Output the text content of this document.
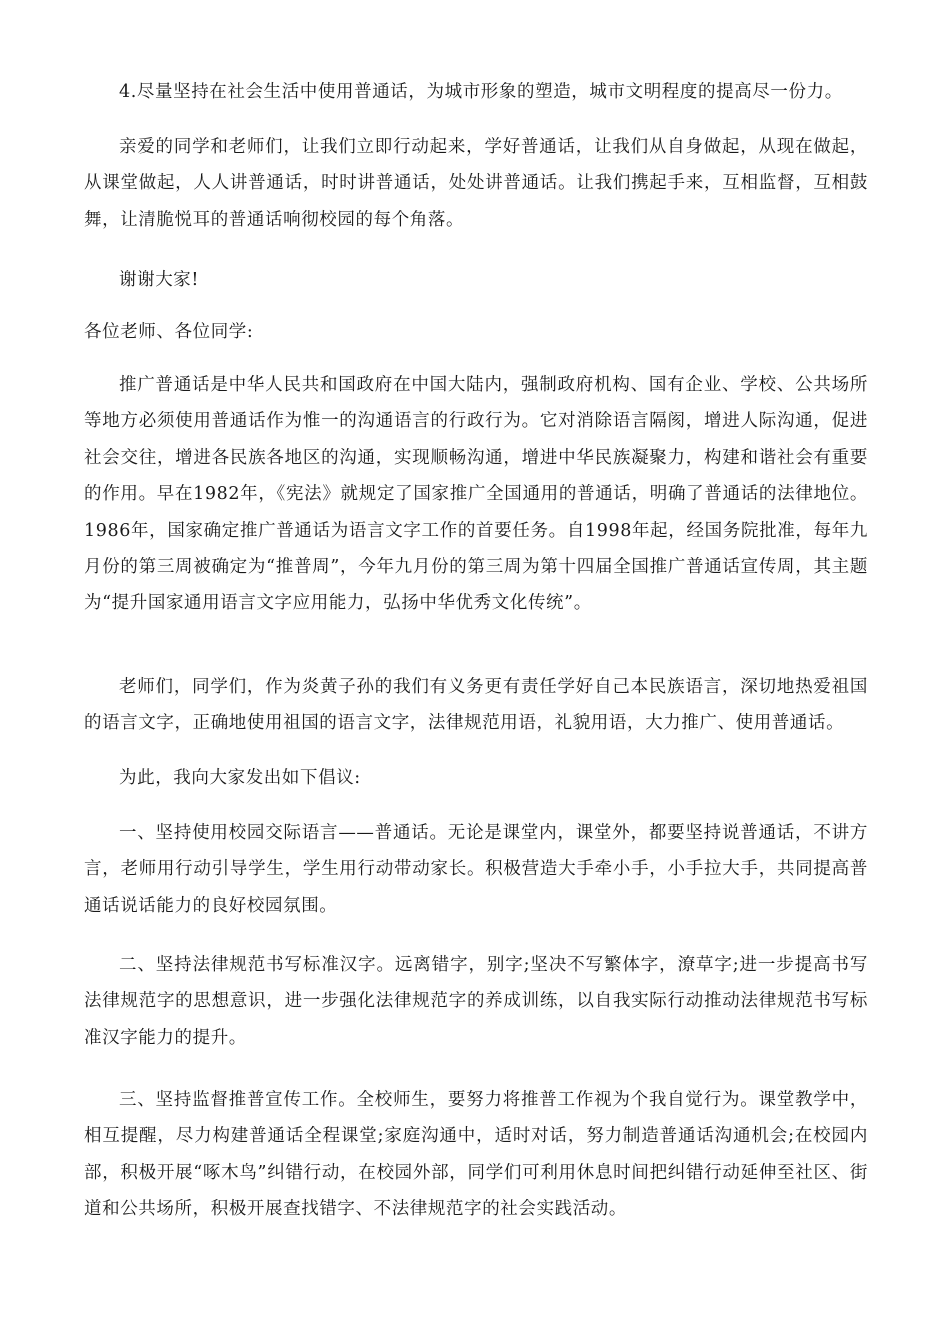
4.尽量坚持在社会生活中使用普通话，为城市形象的塑造，城市文明程度的提高尽一份力。

亲爱的同学和老师们，让我们立即行动起来，学好普通话，让我们从自身做起，从现在做起，从课堂做起，人人讲普通话，时时讲普通话，处处讲普通话。让我们携起手来，互相监督，互相鼓舞，让清脆悦耳的普通话响彻校园的每个角落。

谢谢大家!

各位老师、各位同学:

推广普通话是中华人民共和国政府在中国大陆内，强制政府机构、国有企业、学校、公共场所等地方必须使用普通话作为惟一的沟通语言的行政行为。它对消除语言隔阂，增进人际沟通，促进社会交往，增进各民族各地区的沟通，实现顺畅沟通，增进中华民族凝聚力，构建和谐社会有重要的作用。早在1982年，《宪法》就规定了国家推广全国通用的普通话，明确了普通话的法律地位。1986年，国家确定推广普通话为语言文字工作的首要任务。自1998年起，经国务院批准，每年九月份的第三周被确定为“推普周”，今年九月份的第三周为第十四届全国推广普通话宣传周，其主题为“提升国家通用语言文字应用能力，弘扬中华优秀文化传统”。

老师们，同学们，作为炎黄子孙的我们有义务更有责任学好自己本民族语言，深切地热爱祖国的语言文字，正确地使用祖国的语言文字，法律规范用语，礼貌用语，大力推广、使用普通话。

为此，我向大家发出如下倡议:

一、坚持使用校园交际语言——普通话。无论是课堂内，课堂外，都要坚持说普通话，不讲方言，老师用行动引导学生，学生用行动带动家长。积极营造大手牵小手，小手拉大手，共同提高普通话说话能力的良好校园氛围。

二、坚持法律规范书写标准汉字。远离错字，别字;坚决不写繁体字，潦草字;进一步提高书写法律规范字的思想意识，进一步强化法律规范字的养成训练，以自我实际行动推动法律规范书写标准汉字能力的提升。

三、坚持监督推普宣传工作。全校师生，要努力将推普工作视为个我自觉行为。课堂教学中，相互提醒，尽力构建普通话全程课堂;家庭沟通中，适时对话，努力制造普通话沟通机会;在校园内部，积极开展“啄木鸟”纠错行动，在校园外部，同学们可利用休息时间把纠错行动延伸至社区、街道和公共场所，积极开展查找错字、不法律规范字的社会实践活动。
